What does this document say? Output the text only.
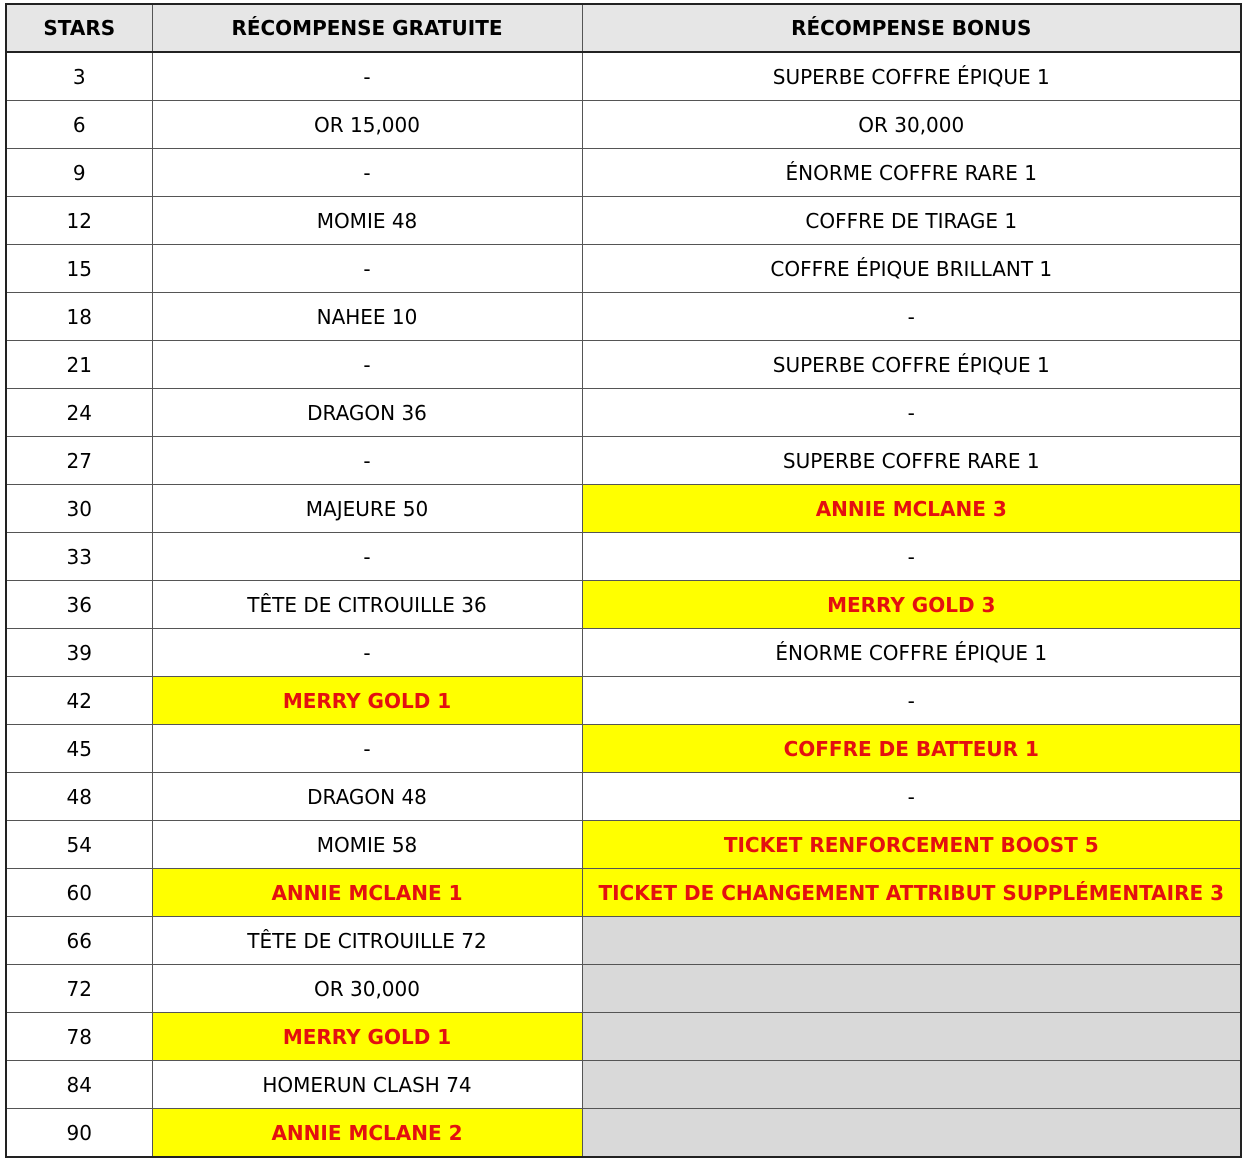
STARS	RÉCOMPENSE GRATUITE	RÉCOMPENSE BONUS
3	-	SUPERBE COFFRE ÉPIQUE 1
6	OR 15,000	OR 30,000
9	-	ÉNORME COFFRE RARE 1
12	MOMIE 48	COFFRE DE TIRAGE 1
15	-	COFFRE ÉPIQUE BRILLANT 1
18	NAHEE 10	-
21	-	SUPERBE COFFRE ÉPIQUE 1
24	DRAGON 36	-
27	-	SUPERBE COFFRE RARE 1
30	MAJEURE 50	ANNIE MCLANE 3
33	-	-
36	TÊTE DE CITROUILLE 36	MERRY GOLD 3
39	-	ÉNORME COFFRE ÉPIQUE 1
42	MERRY GOLD 1	-
45	-	COFFRE DE BATTEUR 1
48	DRAGON 48	-
54	MOMIE 58	TICKET RENFORCEMENT BOOST 5
60	ANNIE MCLANE 1	TICKET DE CHANGEMENT ATTRIBUT SUPPLÉMENTAIRE 3
66	TÊTE DE CITROUILLE 72	
72	OR 30,000	
78	MERRY GOLD 1	
84	HOMERUN CLASH 74	
90	ANNIE MCLANE 2	
